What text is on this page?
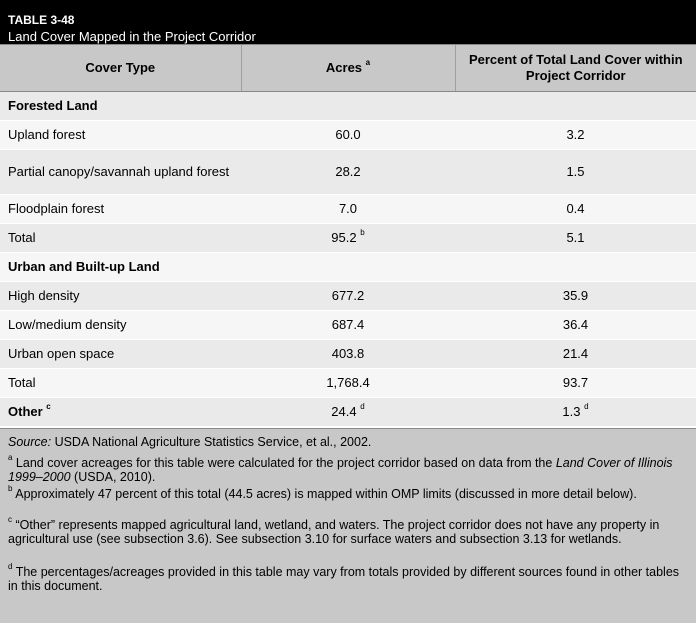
TABLE 3-48
Land Cover Mapped in the Project Corridor
Cover Type	Acres $^a$	Percent of Total Land Cover within Project Corridor
Forested Land		
Upland forest	60.0	3.2
Partial canopy/savannah upland forest	28.2	1.5
Floodplain forest	7.0	0.4
Total	95.2 $^b$	5.1
Urban and Built-up Land		
High density	677.2	35.9
Low/medium density	687.4	36.4
Urban open space	403.8	21.4
Total	1,768.4	93.7
Other $^c$	24.4 $^d$	1.3 $^d$
Source: USDA National Agriculture Statistics Service, et al., 2002.
$^a$ Land cover acreages for this table were calculated for the project corridor based on data from the Land Cover of Illinois 1999–2000 (USDA, 2010).
$^b$ Approximately 47 percent of this total (44.5 acres) is mapped within OMP limits (discussed in more detail below).
$^c$ “Other” represents mapped agricultural land, wetland, and waters. The project corridor does not have any property in agricultural use (see subsection 3.6). See subsection 3.10 for surface waters and subsection 3.13 for wetlands.
$^d$ The percentages/acreages provided in this table may vary from totals provided by different sources found in other tables in this document.
